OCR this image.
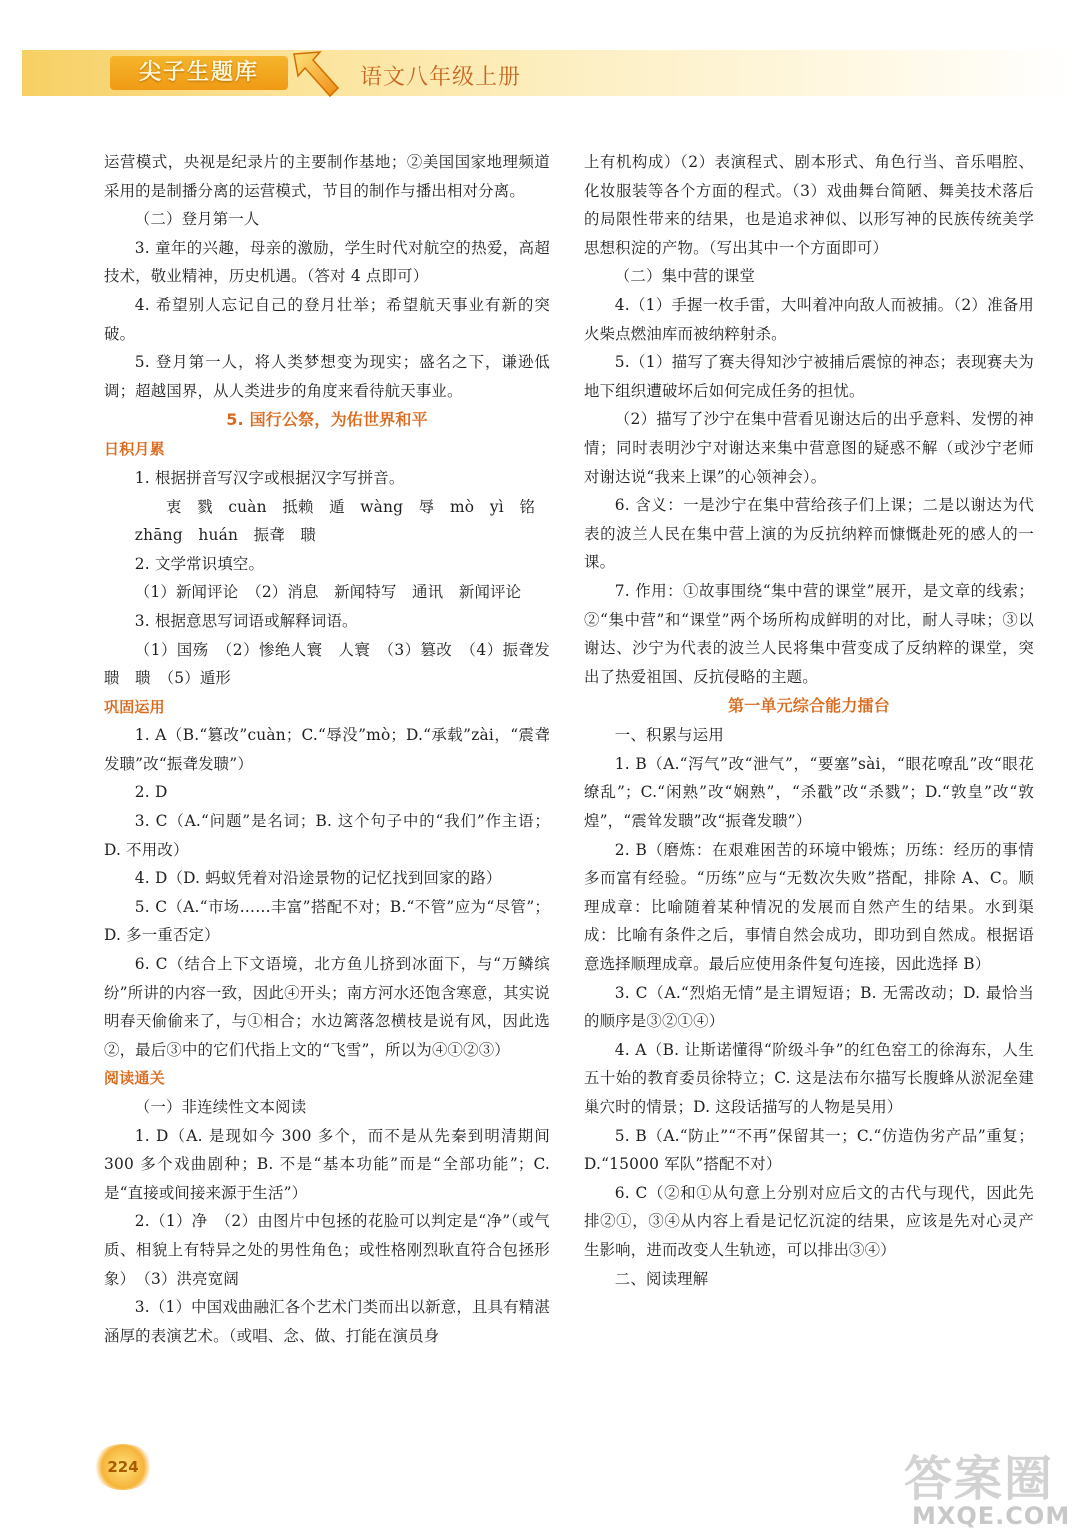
尖子生题库	语文八年级上册

运营模式，央视是纪录片的主要制作基地；②美国国家地理频道采用的是制播分离的运营模式，节目的制作与播出相对分离。

（二）登月第一人

3. 童年的兴趣，母亲的激励，学生时代对航空的热爱，高超技术，敬业精神，历史机遇。（答对 4 点即可）

4. 希望别人忘记自己的登月壮举；希望航天事业有新的突破。

5. 登月第一人，将人类梦想变为现实；盛名之下，谦逊低调；超越国界，从人类进步的角度来看待航天事业。

5. 国行公祭，为佑世界和平
日积月累

1. 根据拼音写汉字或根据汉字写拼音。

　　衷　戮　cuàn　抵赖　遁　wàng　辱　mò　yì　铭

zhāng　huán　振聋　聩

2. 文学常识填空。

（1）新闻评论　（2）消息　新闻特写　通讯　新闻评论

3. 根据意思写词语或解释词语。

（1）国殇　（2）惨绝人寰　人寰　（3）篡改　（4）振聋发聩　聩　（5）遁形

巩固运用

1. A（B.“篡改”cuàn；C.“辱没”mò；D.“承载”zài，“震聋发聩”改“振聋发聩”）

2. D

3. C（A.“问题”是名词；B. 这个句子中的“我们”作主语；D. 不用改）

4. D（D. 蚂蚁凭着对沿途景物的记忆找到回家的路）

5. C（A.“市场……丰富”搭配不对；B.“不管”应为“尽管”；D. 多一重否定）

6. C（结合上下文语境，北方鱼儿挤到冰面下，与“万鳞缤纷”所讲的内容一致，因此④开头；南方河水还饱含寒意，其实说明春天偷偷来了，与①相合；水边篱落忽横枝是说有风，因此选②，最后③中的它们代指上文的“飞雪”，所以为④①②③）

阅读通关

（一）非连续性文本阅读

1. D（A. 是现如今 300 多个，而不是从先秦到明清期间 300 多个戏曲剧种；B. 不是“基本功能”而是“全部功能”；C. 是“直接或间接来源于生活”）

2.（1）净　（2）由图片中包拯的花脸可以判定是“净”（或气质、相貌上有特异之处的男性角色；或性格刚烈耿直符合包拯形象）　（3）洪亮宽阔

3.（1）中国戏曲融汇各个艺术门类而出以新意，且具有精湛涵厚的表演艺术。（或唱、念、做、打能在演员身

上有机构成）（2）表演程式、剧本形式、角色行当、音乐唱腔、化妆服装等各个方面的程式。（3）戏曲舞台简陋、舞美技术落后的局限性带来的结果，也是追求神似、以形写神的民族传统美学思想积淀的产物。（写出其中一个方面即可）

（二）集中营的课堂

4.（1）手握一枚手雷，大叫着冲向敌人而被捕。（2）准备用火柴点燃油库而被纳粹射杀。

5.（1）描写了赛夫得知沙宁被捕后震惊的神态；表现赛夫为地下组织遭破坏后如何完成任务的担忧。

（2）描写了沙宁在集中营看见谢达后的出乎意料、发愣的神情；同时表明沙宁对谢达来集中营意图的疑惑不解（或沙宁老师对谢达说“我来上课”的心领神会）。

6. 含义：一是沙宁在集中营给孩子们上课；二是以谢达为代表的波兰人民在集中营上演的为反抗纳粹而慷慨赴死的感人的一课。

7. 作用：①故事围绕“集中营的课堂”展开，是文章的线索；②“集中营”和“课堂”两个场所构成鲜明的对比，耐人寻味；③以谢达、沙宁为代表的波兰人民将集中营变成了反纳粹的课堂，突出了热爱祖国、反抗侵略的主题。

第一单元综合能力擂台

一、积累与运用

1. B（A.“泻气”改“泄气”，“要塞”sài，“眼花嘹乱”改“眼花缭乱”；C.“闲熟”改“娴熟”，“杀戳”改“杀戮”；D.“敦皇”改“敦煌”，“震耸发聩”改“振聋发聩”）

2. B（磨炼：在艰难困苦的环境中锻炼；历练：经历的事情多而富有经验。“历练”应与“无数次失败”搭配，排除 A、C。顺理成章：比喻随着某种情况的发展而自然产生的结果。水到渠成：比喻有条件之后，事情自然会成功，即功到自然成。根据语意选择顺理成章。最后应使用条件复句连接，因此选择 B）

3. C（A.“烈焰无情”是主谓短语；B. 无需改动；D. 最恰当的顺序是③②①④）

4. A（B. 让斯诺懂得“阶级斗争”的红色窑工的徐海东，人生五十始的教育委员徐特立；C. 这是法布尔描写长腹蜂从淤泥垒建巢穴时的情景；D. 这段话描写的人物是吴用）

5. B（A.“防止”“不再”保留其一；C.“仿造伪劣产品”重复；D.“15000 军队”搭配不对）

6. C（②和①从句意上分别对应后文的古代与现代，因此先排②①，③④从内容上看是记忆沉淀的结果，应该是先对心灵产生影响，进而改变人生轨迹，可以排出③④）

二、阅读理解

224	答案圈
MXQE.COM
